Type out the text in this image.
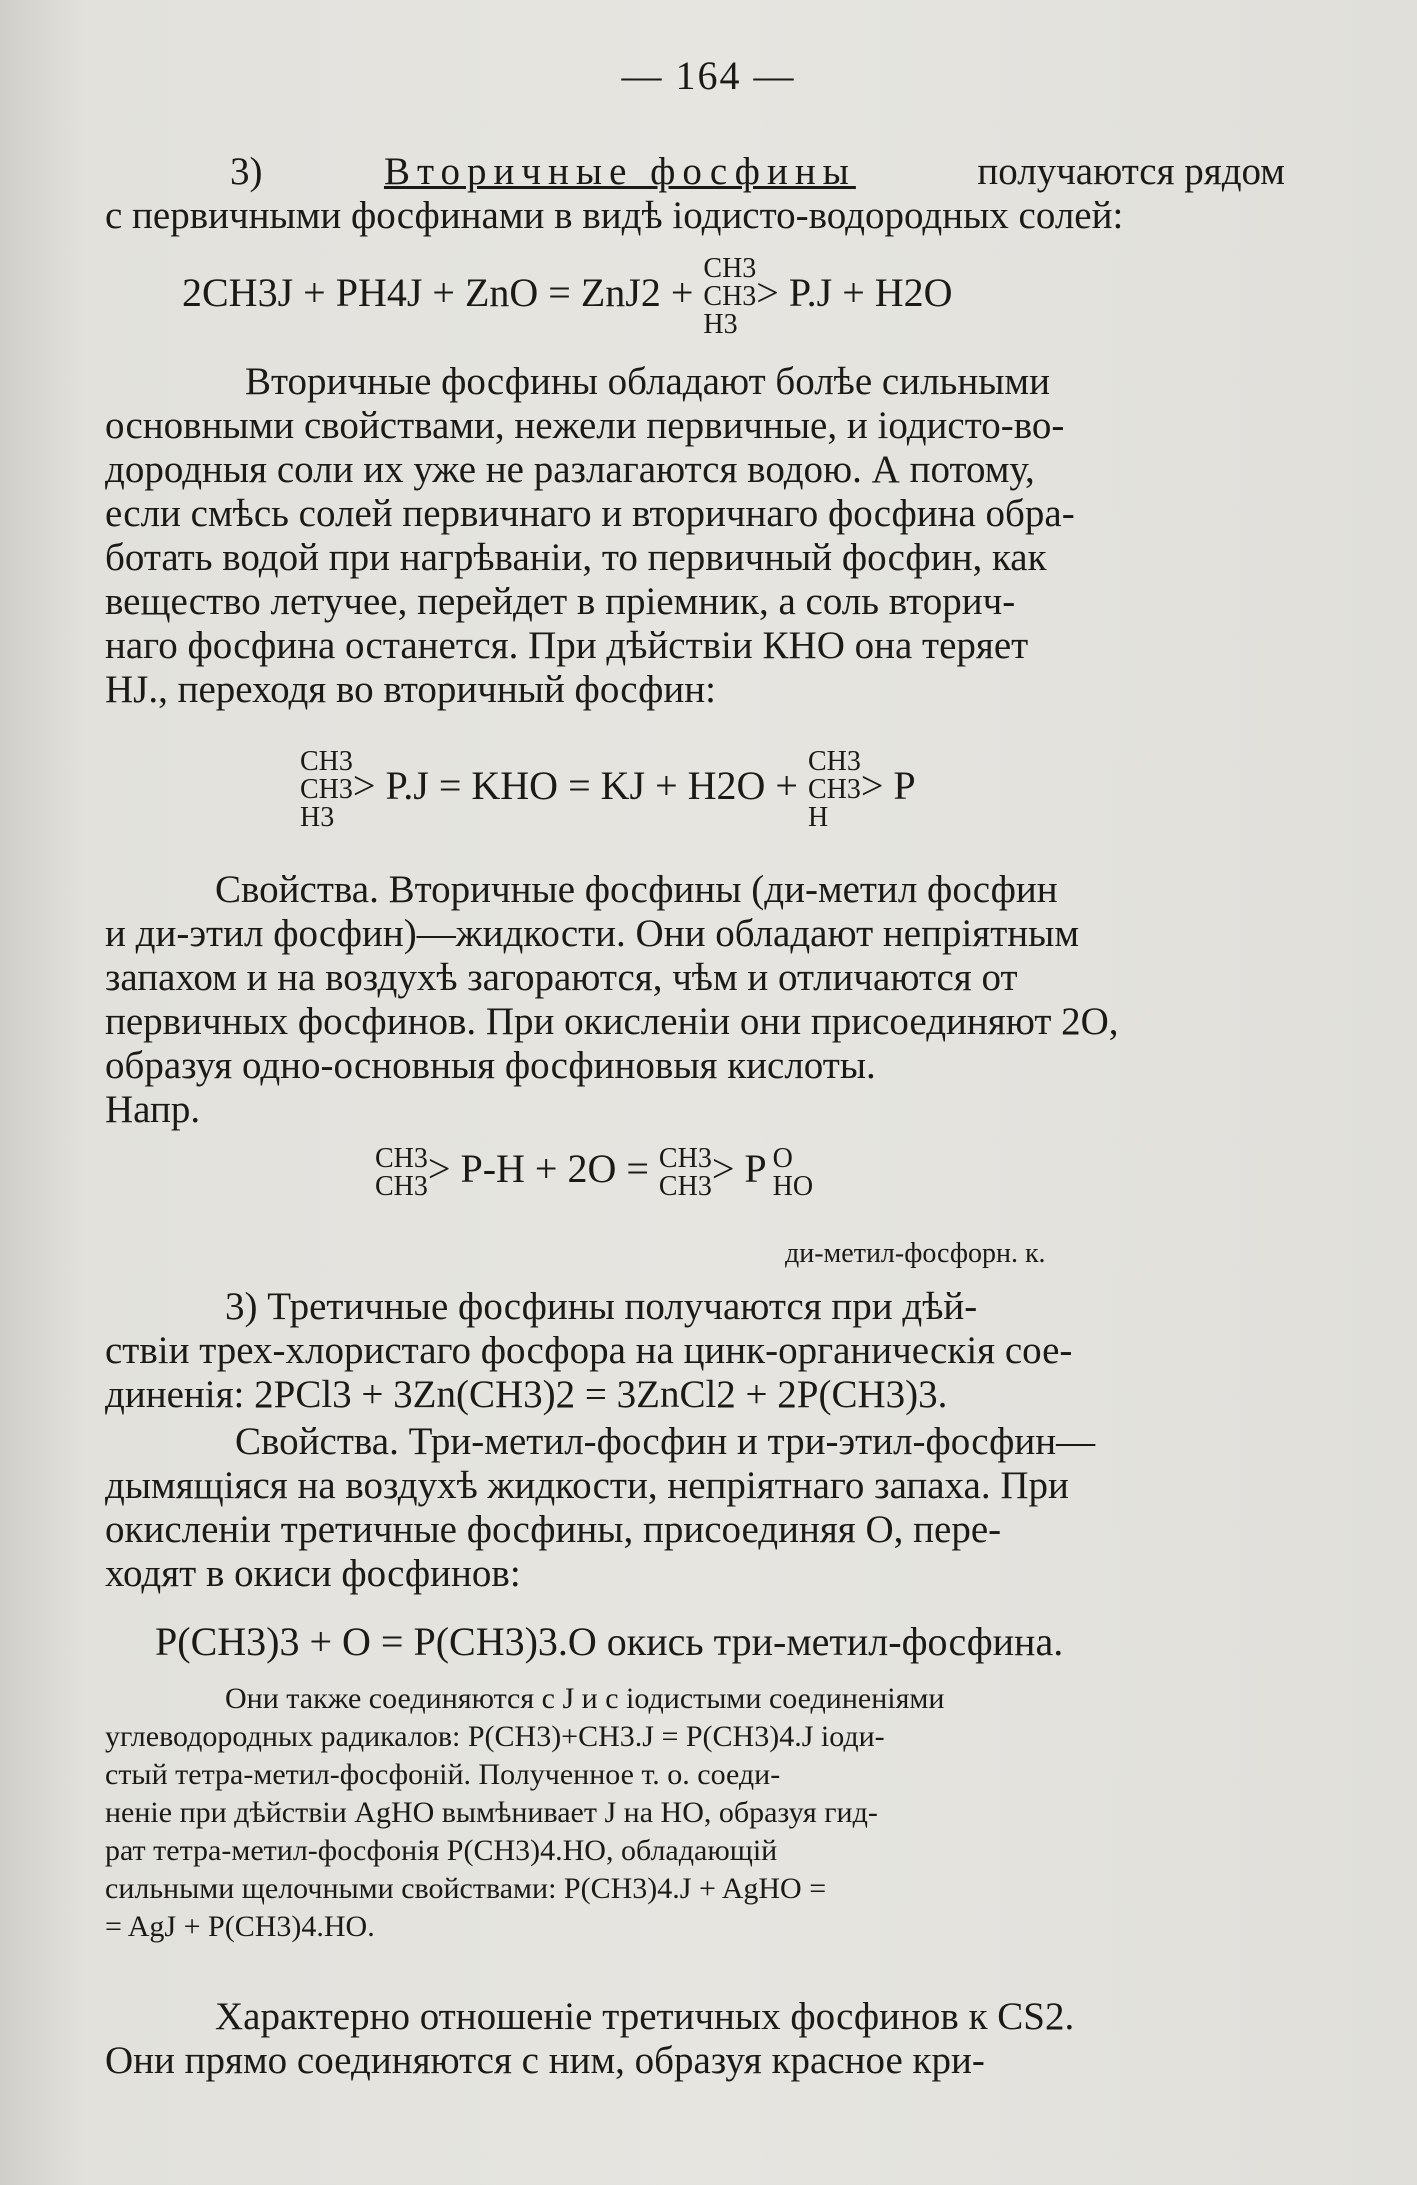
— 164 —
3)	Вторичные фосфины	получаются рядом
с первичными фосфинами в видѣ іодисто-водородных солей:
2CH3J + PH4J + ZnO = ZnJ2 + CH3
CH3
H3> P.J + H2O
Вторичные фосфины обладают болѣе сильными
основными свойствами, нежели первичные, и іодисто-во-
дородныя соли их уже не разлагаются водою. А потому,
если смѣсь солей первичнаго и вторичнаго фосфина обра-
ботать водой при нагрѣваніи, то первичный фосфин, как
вещество летучее, перейдет в пріемник, а соль вторич-
наго фосфина останется. При дѣйствіи КНО она теряет
НJ., переходя во вторичный фосфин:
CH3
CH3
H3> P.J = KHO = KJ + H2O + CH3
CH3
H> P
Свойства. Вторичные фосфины (ди-метил фосфин
и ди-этил фосфин)—жидкости. Они обладают непріятным
запахом и на воздухѣ загораются, чѣм и отличаются от
первичных фосфинов. При окисленіи они присоединяют 2О,
образуя одно-основныя фосфиновыя кислоты.
Напр.
CH3
CH3> P-H + 2O = CH3
CH3> P O
HO
ди-метил-фосфорн. к.
3) Третичные фосфины получаются при дѣй-
ствіи трех-хлористаго фосфора на цинк-органическія сое-
диненія: 2PCl3 + 3Zn(CH3)2 = 3ZnCl2 + 2P(CH3)3.
Свойства. Три-метил-фосфин и три-этил-фосфин—
дымящіяся на воздухѣ жидкости, непріятнаго запаха. При
окисленіи третичные фосфины, присоединяя О, пере-
ходят в окиси фосфинов:
P(CH3)3 + O = P(CH3)3.O окись три-метил-фосфина.
Они также соединяются с J и с іодистыми соединеніями
углеводородных радикалов: P(CH3)+CH3.J = P(CH3)4.J іоди-
стый тетра-метил-фосфоній. Полученное т. о. соеди-
неніе при дѣйствіи AgHO вымѣнивает J на HO, образуя гид-
рат тетра-метил-фосфонія P(CH3)4.HO, обладающій
сильными щелочными свойствами: P(CH3)4.J + AgHO =
= AgJ + P(CH3)4.HO.
Характерно отношеніе третичных фосфинов к CS2.
Они прямо соединяются с ним, образуя красное кри-
